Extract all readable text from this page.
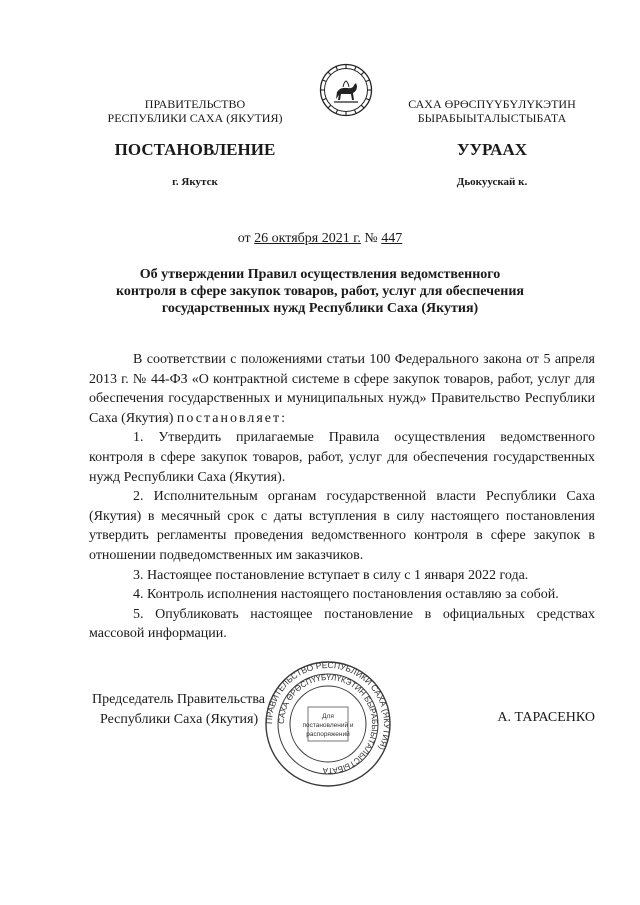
ПРАВИТЕЛЬСТВО
РЕСПУБЛИКИ САХА (ЯКУТИЯ)
САХА ӨРӨСПҮҮБҮЛҮКЭТИН
БЫРАБЫЫТАЛЫСТЫБАТА
ПОСТАНОВЛЕНИЕ	УУРААХ
г. Якутск	Дьокуускай к.
от 26 октября 2021 г. № 447
Об утверждении Правил осуществления ведомственного
контроля в сфере закупок товаров, работ, услуг для обеспечения
государственных нужд Республики Саха (Якутия)

В соответствии с положениями статьи 100 Федерального закона от 5 апреля 2013 г. № 44-ФЗ «О контрактной системе в сфере закупок товаров, работ, услуг для обеспечения государственных и муниципальных нужд» Правительство Республики Саха (Якутия) постановляет:

1. Утвердить прилагаемые Правила осуществления ведомственного контроля в сфере закупок товаров, работ, услуг для обеспечения государственных нужд Республики Саха (Якутия).

2. Исполнительным органам государственной власти Республики Саха (Якутия) в месячный срок с даты вступления в силу настоящего постановления утвердить регламенты проведения ведомственного контроля в сфере закупок в отношении подведомственных им заказчиков.

3. Настоящее постановление вступает в силу с 1 января 2022 года.

4. Контроль исполнения настоящего постановления оставляю за собой.

5. Опубликовать настоящее постановление в официальных средствах массовой информации.

Председатель Правительства
Республики Саха (Якутия)	А. ТАРАСЕНКО
ПРАВИТЕЛЬСТВО РЕСПУБЛИКИ САХА (ЯКУТИЯ)
САХА ӨРӨСПҮҮБҮЛҮКЭТИН БЫРАБЫЫТАЛЫСТЫБАТА
Для
постановлений и
распоряжений
